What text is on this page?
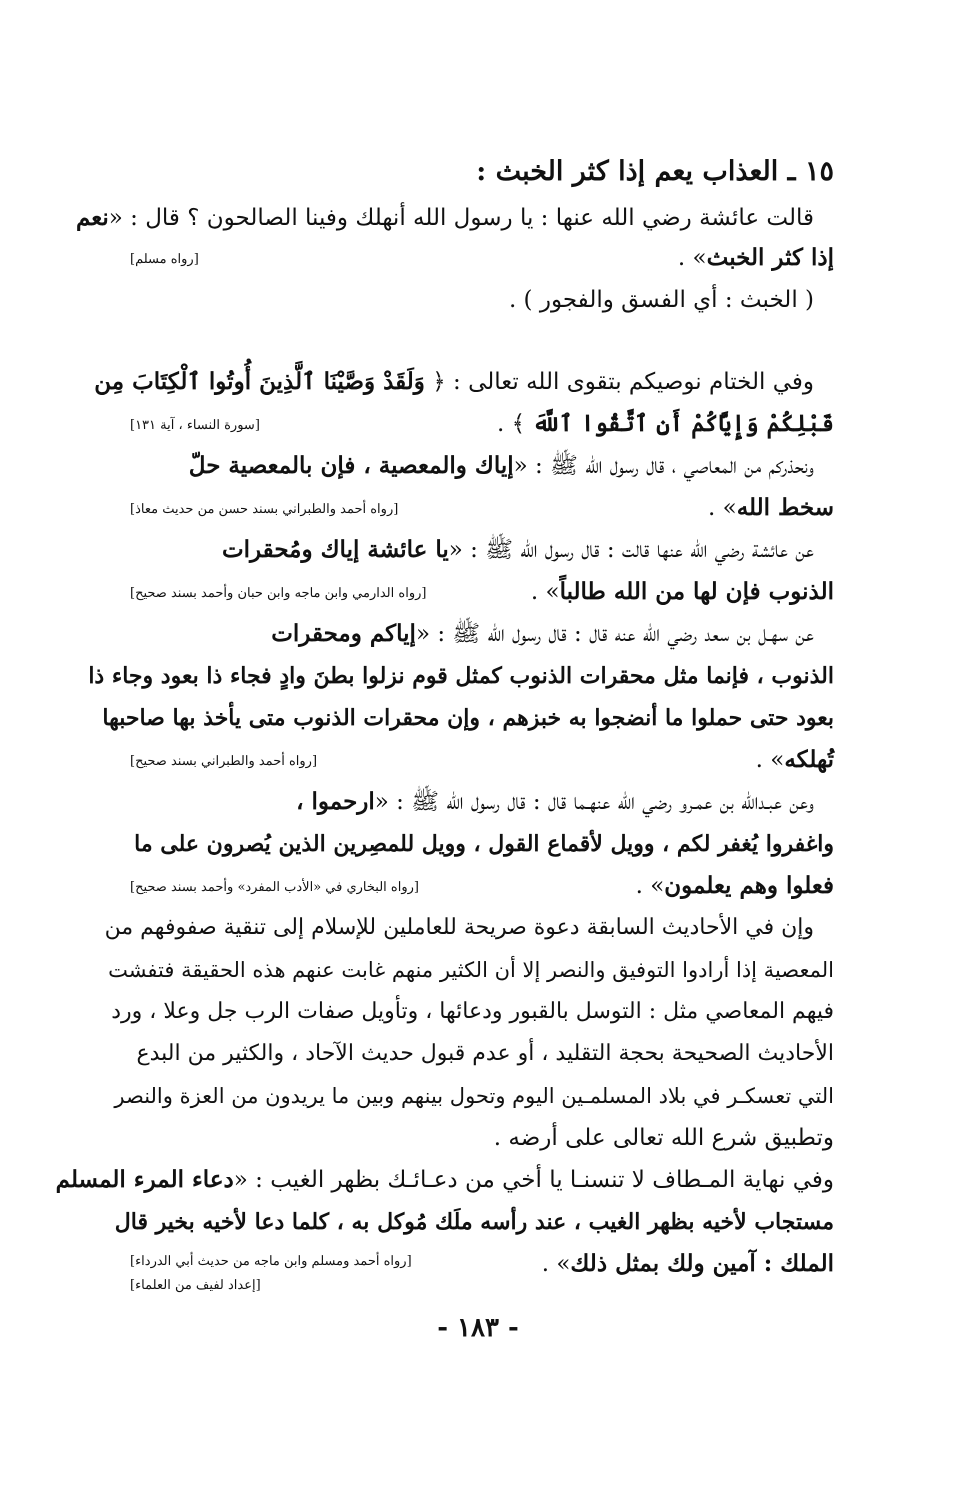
١٥ ـ العذاب يعم إذا كثر الخبث :
قالت عائشة رضي الله عنها : يا رسول الله أنهلك وفينا الصالحون ؟ قال : «نعم
إذا كثر الخبث» .
[رواه مسلم]
( الخبث : أي الفسق والفجور ) .
وفي الختام نوصيكم بتقوى الله تعالى : ﴿ وَلَقَدْ وَصَّيْنَا ٱلَّذِينَ أُوتُوا ٱلْكِتَابَ مِن
قَبْلِكُمْ وَإِيَّاكُمْ أَنِ ٱتَّقُوا ٱللَّهَ ﴾ .
[سورة النساء ، آية ١٣١]
ونحذركم من المعاصي ، قال رسول الله ﷺ : «إياك والمعصية ، فإن بالمعصية حلّ
سخط الله» .
[رواه أحمد والطبراني بسند حسن من حديث معاذ]
عن عائشة رضي الله عنها قالت : قال رسول الله ﷺ : «يا عائشة إياك ومُحقرات
الذنوب فإن لها من الله طالباً» .
[رواه الدارمي وابن ماجه وابن حبان وأحمد بسند صحيح]
عن سهـل بن سعد رضي الله عنه قال : قال رسول الله ﷺ : «إياكم ومحقرات
الذنوب ، فإنما مثل محقرات الذنوب كمثل قوم نزلوا بطنَ وادٍ فجاء ذا بعود وجاء ذا
بعود حتى حملوا ما أنضجوا به خبزهم ، وإن محقرات الذنوب متى يأخذ بها صاحبها
تُهلكه» .
[رواه أحمد والطبراني بسند صحيح]
وعن عبـدالله بن عمـرو رضي الله عنهـما قال : قال رسول الله ﷺ : «ارحموا ،
واغفروا يُغفر لكم ، وويل لأقماع القول ، وويل للمصِرين الذين يُصرون على ما
فعلوا وهم يعلمون» .
[رواه البخاري في «الأدب المفرد» وأحمد بسند صحيح]
وإن في الأحاديث السابقة دعوة صريحة للعاملين للإسلام إلى تنقية صفوفهم من
المعصية إذا أرادوا التوفيق والنصر إلا أن الكثير منهم غابت عنهم هذه الحقيقة فتفشت
فيهم المعاصي مثل : التوسل بالقبور ودعائها ، وتأويل صفات الرب جل وعلا ، ورد
الأحاديث الصحيحة بحجة التقليد ، أو عدم قبول حديث الآحاد ، والكثير من البدع
التي تعسكـر في بلاد المسلمـين اليوم وتحول بينهم وبين ما يريدون من العزة والنصر
وتطبيق شرع الله تعالى على أرضه .
وفي نهاية المـطاف لا تنسنـا يا أخي من دعـائـك بظهر الغيب : «دعاء المرء المسلم
مستجاب لأخيه بظهر الغيب ، عند رأسه ملَك مُوكل به ، كلما دعا لأخيه بخير قال
الملك : آمين ولك بمثل ذلك» .
[رواه أحمد ومسلم وابن ماجه من حديث أبي الدرداء]
[إعداد لفيف من العلماء]
- ١٨٣ -
